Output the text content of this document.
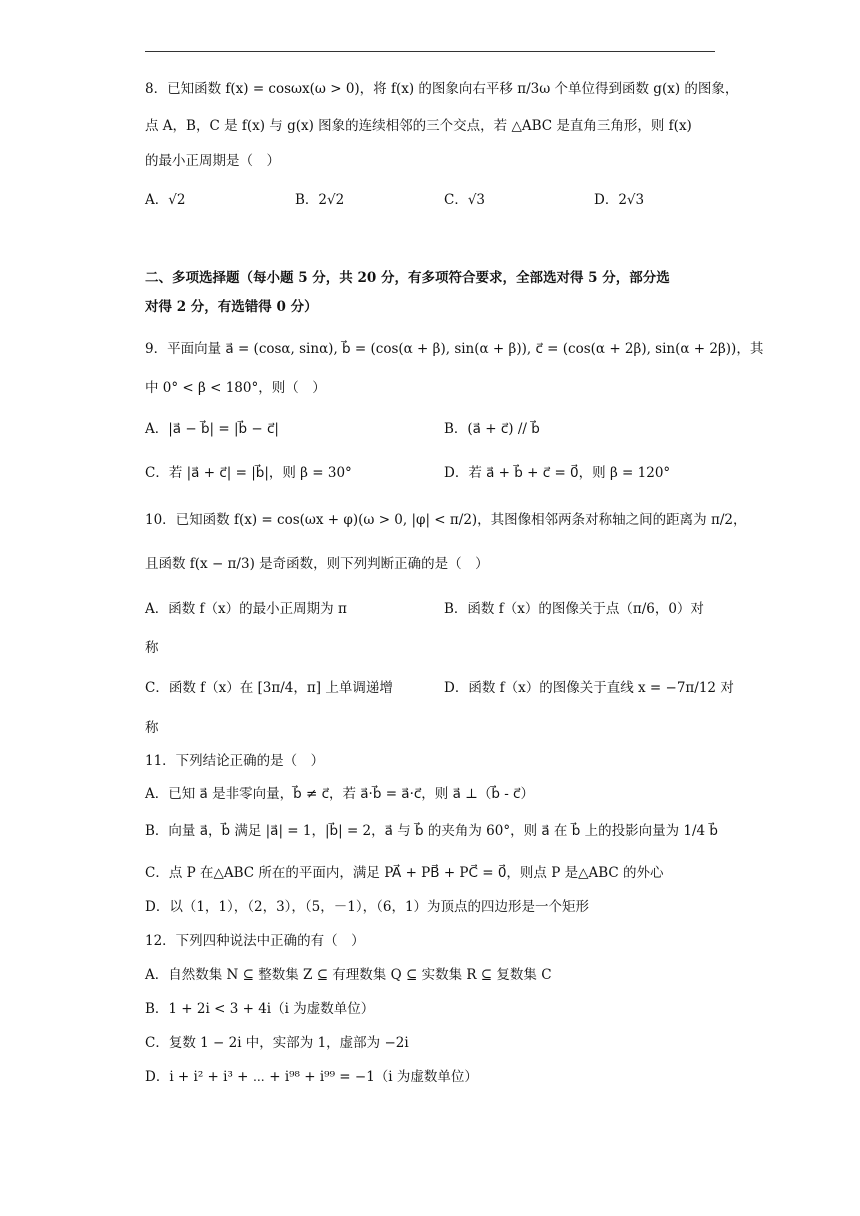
8．已知函数 f(x) = cosωx(ω > 0)，将 f(x) 的图象向右平移 π/3ω 个单位得到函数 g(x) 的图象，
点 A，B，C 是 f(x) 与 g(x) 图象的连续相邻的三个交点，若 △ABC 是直角三角形，则 f(x)
的最小正周期是（　）
A．√2	B．2√2	C．√3	D．2√3
二、多项选择题（每小题 5 分，共 20 分，有多项符合要求，全部选对得 5 分，部分选
对得 2 分，有选错得 0 分）
9．平面向量 a⃗ = (cosα, sinα), b⃗ = (cos(α + β), sin(α + β)), c⃗ = (cos(α + 2β), sin(α + 2β))，其
中 0° < β < 180°，则（　）
A．|a⃗ − b⃗| = |b⃗ − c⃗|	B．(a⃗ + c⃗) // b⃗
C．若 |a⃗ + c⃗| = |b⃗|，则 β = 30°	D．若 a⃗ + b⃗ + c⃗ = 0⃗，则 β = 120°
10．已知函数 f(x) = cos(ωx + φ)(ω > 0, |φ| < π/2)，其图像相邻两条对称轴之间的距离为 π/2，
且函数 f(x − π/3) 是奇函数，则下列判断正确的是（　）
A．函数 f（x）的最小正周期为 π	B．函数 f（x）的图像关于点（π/6，0）对
称
C．函数 f（x）在 [3π/4，π] 上单调递增	D．函数 f（x）的图像关于直线 x = −7π/12 对
称
11．下列结论正确的是（　）
A．已知 a⃗ 是非零向量，b⃗ ≠ c⃗，若 a⃗·b⃗ = a⃗·c⃗，则 a⃗ ⊥（b⃗ - c⃗）
B．向量 a⃗，b⃗ 满足 |a⃗| = 1，|b⃗| = 2，a⃗ 与 b⃗ 的夹角为 60°，则 a⃗ 在 b⃗ 上的投影向量为 1/4 b⃗
C．点 P 在△ABC 所在的平面内，满足 PA⃗ + PB⃗ + PC⃗ = 0⃗，则点 P 是△ABC 的外心
D．以（1，1），（2，3），（5，－1），（6，1）为顶点的四边形是一个矩形
12．下列四种说法中正确的有（　）
A．自然数集 N ⊆ 整数集 Z ⊆ 有理数集 Q ⊆ 实数集 R ⊆ 复数集 C
B．1 + 2i < 3 + 4i（i 为虚数单位）
C．复数 1 − 2i 中，实部为 1，虚部为 −2i
D．i + i² + i³ + ⋯ + i⁹⁸ + i⁹⁹ = −1（i 为虚数单位）
